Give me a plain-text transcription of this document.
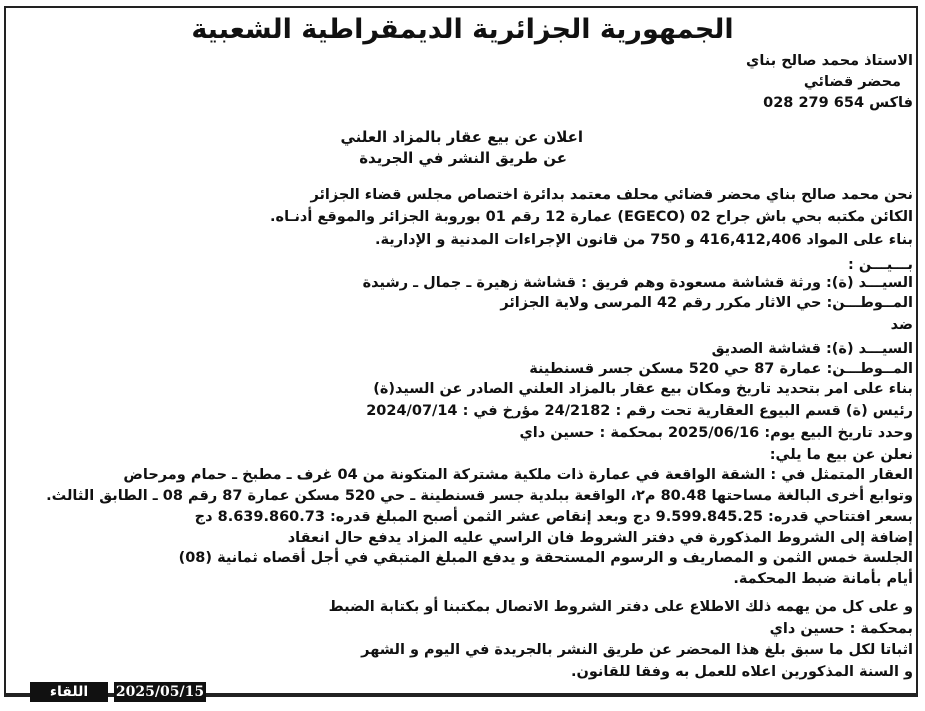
الجمهورية الجزائرية الديمقراطية الشعبية
الاستاذ محمد صالح بناي
محضر قضائي
فاكس 654 279 028
اعلان عن بيع عقار بالمزاد العلني
عن طريق النشر في الجريدة
نحن محمد صالح بناي محضر قضائي محلف معتمد بدائرة اختصاص مجلس قضاء الجزائر
الكائن مكتبه بحي باش جراح 02 (EGECO) عمارة 12 رقم 01 بوروبة الجزائر والموقع أدنـاه.
بناء على المواد 416,412,406 و 750 من قانون الإجراءات المدنية و الإدارية.
بـــيـــن :
السيـــد (ة): ورثة قشاشة مسعودة وهم فريق : قشاشة زهيرة ـ جمال ـ رشيدة
المــوطـــن: حي الاثار مكرر رقم 42 المرسى ولاية الجزائر
ضد
السيـــد (ة): قشاشة الصديق
المــوطـــن: عمارة 87 حي 520 مسكن جسر قسنطينة
بناء على امر بتحديد تاريخ ومكان بيع عقار بالمزاد العلني الصادر عن السيد(ة)
رئيس (ة) قسم البيوع العقارية تحت رقم : 24/2182 مؤرخ في : 2024/07/14
وحدد تاريخ البيع يوم: 2025/06/16 بمحكمة : حسين داي
نعلن عن بيع ما يلي:
العقار المتمثل في : الشقة الواقعة في عمارة ذات ملكية مشتركة المتكونة من 04 غرف ـ مطبخ ـ حمام ومرحاض
وتوابع أخرى البالغة مساحتها 80.48 م٢، الواقعة ببلدية جسر قسنطينة ـ حي 520 مسكن عمارة 87 رقم 08 ـ الطابق الثالث.
بسعر افتتاحي قدره: 9.599.845.25 دج وبعد إنقاص عشر الثمن أصبح المبلغ قدره: 8.639.860.73 دج
إضافة إلى الشروط المذكورة في دفتر الشروط فان الراسي عليه المزاد يدفع حال انعقاد
الجلسة خمس الثمن و المصاريف و الرسوم المستحقة و يدفع المبلغ المتبقي في أجل أقصاه ثمانية (08)
أيام بأمانة ضبط المحكمة.
و على كل من يهمه ذلك الاطلاع على دفتر الشروط الاتصال بمكتبنا أو بكتابة الضبط
بمحكمة : حسين داي
اثباتا لكل ما سبق بلغ هذا المحضر عن طريق النشر بالجريدة في اليوم و الشهر
و السنة المذكورين اعلاه للعمل به وفقا للقانون.
2025/05/15
اللقاء
